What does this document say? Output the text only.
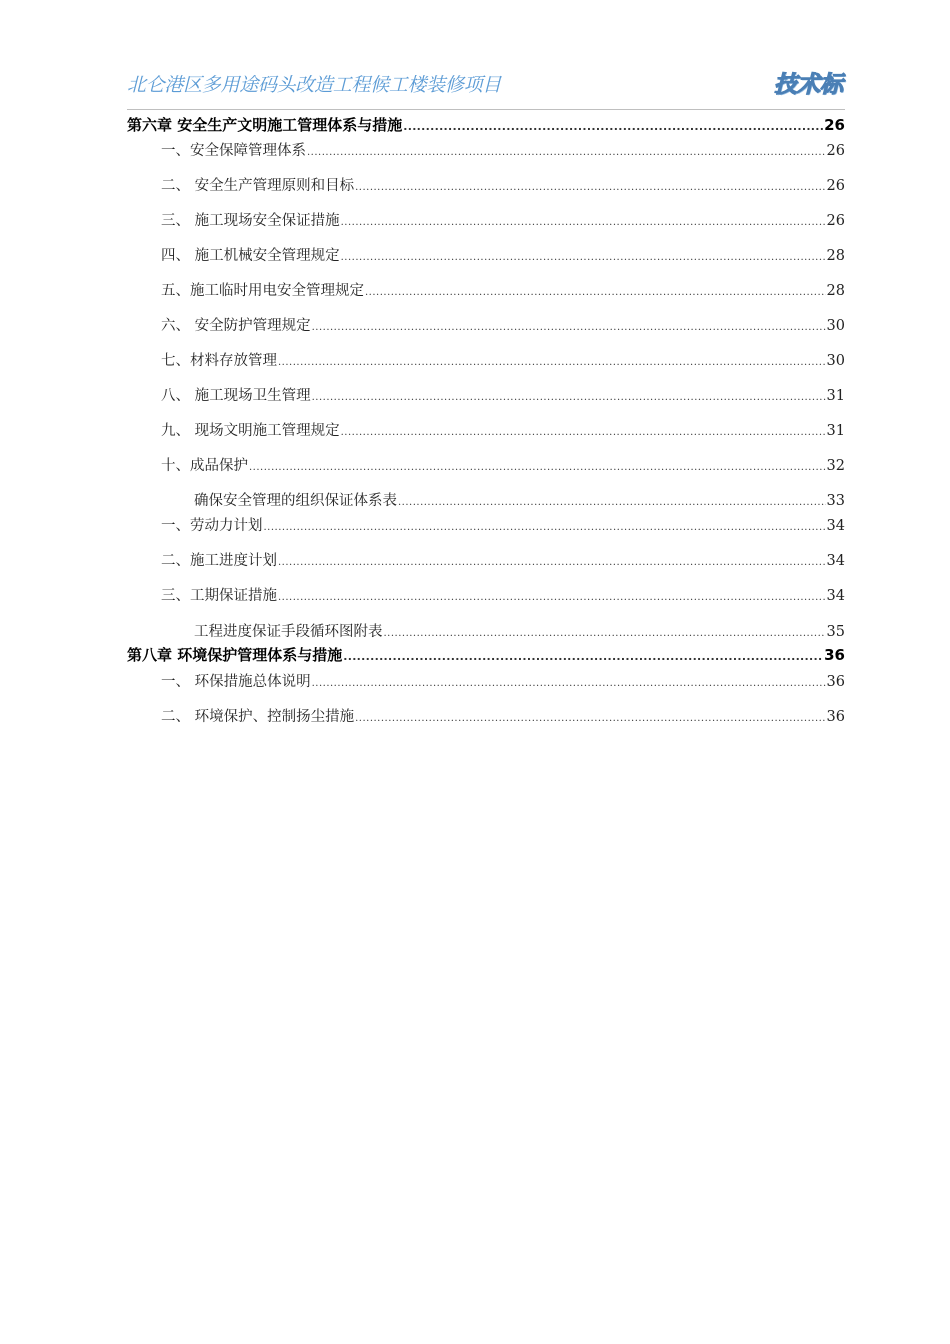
北仑港区多用途码头改造工程候工楼装修项目	技术标
第六章 安全生产文明施工管理体系与措施 .....	26
一、安全保障管理体系 .....	26
二、 安全生产管理原则和目标 .....	26
三、 施工现场安全保证措施 .....	26
四、 施工机械安全管理规定 .....	28
五、施工临时用电安全管理规定 .....	28
六、 安全防护管理规定 .....	30
七、材料存放管理 .....	30
八、 施工现场卫生管理 .....	31
九、 现场文明施工管理规定 .....	31
十、成品保护 .....	32
确保安全管理的组织保证体系表 .....	33
一、劳动力计划 .....	34
二、施工进度计划 .....	34
三、工期保证措施 .....	34
工程进度保证手段循环图附表 .....	35
第八章 环境保护管理体系与措施 .....	36
一、 环保措施总体说明 .....	36
二、 环境保护、控制扬尘措施 .....	36
